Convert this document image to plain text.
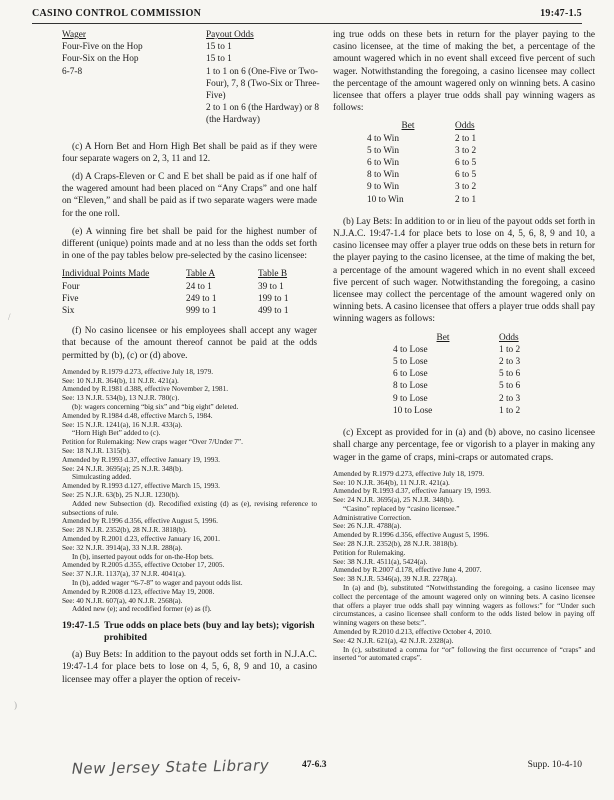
CASINO CONTROL COMMISSION	19:47-1.5
Wager	Payout Odds
Four-Five on the Hop	15 to 1
Four-Six on the Hop	15 to 1
6-7-8	1 to 1 on 6 (One-Five or Two-Four), 7, 8 (Two-Six or Three-Five)
2 to 1 on 6 (the Hardway) or 8 (the Hardway)

(c) A Horn Bet and Horn High Bet shall be paid as if they were four separate wagers on 2, 3, 11 and 12.

(d) A Craps-Eleven or C and E bet shall be paid as if one half of the wagered amount had been placed on “Any Craps” and one half on “Eleven,” and shall be paid as if two separate wagers were made for the one roll.

(e) A winning fire bet shall be paid for the highest number of different (unique) points made and at no less than the odds set forth in one of the pay tables below pre-selected by the casino licensee:

Individual Points Made	Table A	Table B
Four	24 to 1	39 to 1
Five	249 to 1	199 to 1
Six	999 to 1	499 to 1

(f) No casino licensee or his employees shall accept any wager that because of the amount thereof cannot be paid at the odds permitted by (b), (c) or (d) above.

Amended by R.1979 d.273, effective July 18, 1979.
See: 10 N.J.R. 364(b), 11 N.J.R. 421(a).
Amended by R.1981 d.388, effective November 2, 1981.
See: 13 N.J.R. 534(b), 13 N.J.R. 780(c).
(b): wagers concerning “big six” and “big eight” deleted.
Amended by R.1984 d.48, effective March 5, 1984.
See: 15 N.J.R. 1241(a), 16 N.J.R. 433(a).
“Horn High Bet” added to (c).
Petition for Rulemaking: New craps wager “Over 7/Under 7”.
See: 18 N.J.R. 1315(b).
Amended by R.1993 d.37, effective January 19, 1993.
See: 24 N.J.R. 3695(a); 25 N.J.R. 348(b).
Simulcasting added.
Amended by R.1993 d.127, effective March 15, 1993.
See: 25 N.J.R. 63(b), 25 N.J.R. 1230(b).
Added new Subsection (d). Recodified existing (d) as (e), revising reference to subsections of rule.
Amended by R.1996 d.356, effective August 5, 1996.
See: 28 N.J.R. 2352(b), 28 N.J.R. 3818(b).
Amended by R.2001 d.23, effective January 16, 2001.
See: 32 N.J.R. 3914(a), 33 N.J.R. 288(a).
In (b), inserted payout odds for on-the-Hop bets.
Amended by R.2005 d.355, effective October 17, 2005.
See: 37 N.J.R. 1137(a), 37 N.J.R. 4041(a).
In (b), added wager “6-7-8” to wager and payout odds list.
Amended by R.2008 d.123, effective May 19, 2008.
See: 40 N.J.R. 607(a), 40 N.J.R. 2568(a).
Added new (e); and recodified former (e) as (f).
19:47-1.5 True odds on place bets (buy and lay bets); vigorish prohibited

(a) Buy Bets: In addition to the payout odds set forth in N.J.A.C. 19:47-1.4 for place bets to lose on 4, 5, 6, 8, 9 and 10, a casino licensee may offer a player the option of receiv-

ing true odds on these bets in return for the player paying to the casino licensee, at the time of making the bet, a percentage of the amount wagered which in no event shall exceed five percent of such wager. Notwithstanding the foregoing, a casino licensee may collect the percentage of the amount wagered only on winning bets. A casino licensee that offers a player true odds shall pay winning wagers as follows:

Bet	Odds
4 to Win	2 to 1
5 to Win	3 to 2
6 to Win	6 to 5
8 to Win	6 to 5
9 to Win	3 to 2
10 to Win	2 to 1

(b) Lay Bets: In addition to or in lieu of the payout odds set forth in N.J.A.C. 19:47-1.4 for place bets to lose on 4, 5, 6, 8, 9 and 10, a casino licensee may offer a player true odds on these bets in return for the player paying to the casino licensee, at the time of making the bet, a percentage of the amount wagered which in no event shall exceed five percent of such wager. Notwithstanding the foregoing, a casino licensee may collect the percentage of the amount wagered only on winning bets. A casino licensee that offers a player true odds shall pay winning wagers as follows:

Bet	Odds
4 to Lose	1 to 2
5 to Lose	2 to 3
6 to Lose	5 to 6
8 to Lose	5 to 6
9 to Lose	2 to 3
10 to Lose	1 to 2

(c) Except as provided for in (a) and (b) above, no casino licensee shall charge any percentage, fee or vigorish to a player in making any wager in the game of craps, mini-craps or automated craps.

Amended by R.1979 d.273, effective July 18, 1979.
See: 10 N.J.R. 364(b), 11 N.J.R. 421(a).
Amended by R.1993 d.37, effective January 19, 1993.
See: 24 N.J.R. 3695(a), 25 N.J.R. 348(b).
“Casino” replaced by “casino licensee.”
Administrative Correction.
See: 26 N.J.R. 4788(a).
Amended by R.1996 d.356, effective August 5, 1996.
See: 28 N.J.R. 2352(b), 28 N.J.R. 3818(b).
Petition for Rulemaking.
See: 38 N.J.R. 4511(a), 5424(a).
Amended by R.2007 d.178, effective June 4, 2007.
See: 38 N.J.R. 5346(a), 39 N.J.R. 2278(a).
In (a) and (b), substituted “Notwithstanding the foregoing, a casino licensee may collect the percentage of the amount wagered only on winning bets. A casino licensee that offers a player true odds shall pay winning wagers as follows:” for “Under such circumstances, a casino licensee shall conform to the odds listed below in paying off winning wagers on these bets:”.
Amended by R.2010 d.213, effective October 4, 2010.
See: 42 N.J.R. 621(a), 42 N.J.R. 2328(a).
In (c), substituted a comma for “or” following the first occurrence of “craps” and inserted “or automated craps”.
/
)
New Jersey State Library	47-6.3	Supp. 10-4-10
